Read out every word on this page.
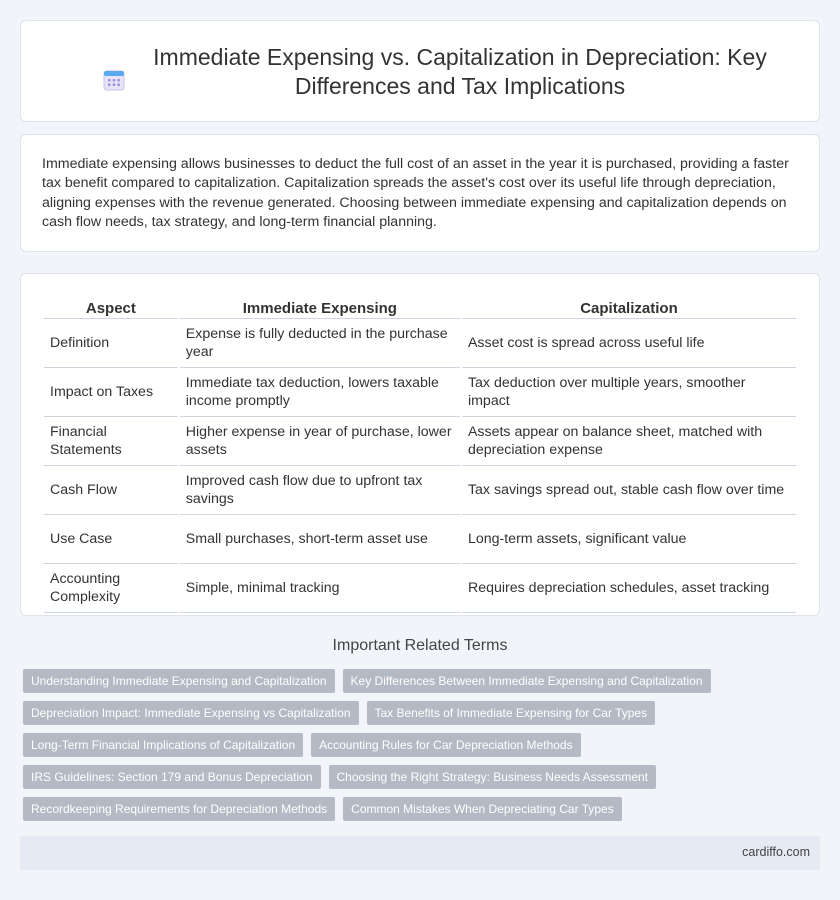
Immediate Expensing vs. Capitalization in Depreciation: Key Differences and Tax Implications

Immediate expensing allows businesses to deduct the full cost of an asset in the year it is purchased, providing a faster tax benefit compared to capitalization. Capitalization spreads the asset's cost over its useful life through depreciation, aligning expenses with the revenue generated. Choosing between immediate expensing and capitalization depends on cash flow needs, tax strategy, and long-term financial planning.

Aspect	Immediate Expensing	Capitalization
Definition	Expense is fully deducted in the purchase year	Asset cost is spread across useful life
Impact on Taxes	Immediate tax deduction, lowers taxable income promptly	Tax deduction over multiple years, smoother impact
Financial Statements	Higher expense in year of purchase, lower assets	Assets appear on balance sheet, matched with depreciation expense
Cash Flow	Improved cash flow due to upfront tax savings	Tax savings spread out, stable cash flow over time
Use Case	Small purchases, short-term asset use	Long-term assets, significant value
Accounting Complexity	Simple, minimal tracking	Requires depreciation schedules, asset tracking
Important Related Terms
Understanding Immediate Expensing and Capitalization	Key Differences Between Immediate Expensing and Capitalization
Depreciation Impact: Immediate Expensing vs Capitalization	Tax Benefits of Immediate Expensing for Car Types
Long-Term Financial Implications of Capitalization	Accounting Rules for Car Depreciation Methods
IRS Guidelines: Section 179 and Bonus Depreciation	Choosing the Right Strategy: Business Needs Assessment
Recordkeeping Requirements for Depreciation Methods	Common Mistakes When Depreciating Car Types
cardiffo.com
